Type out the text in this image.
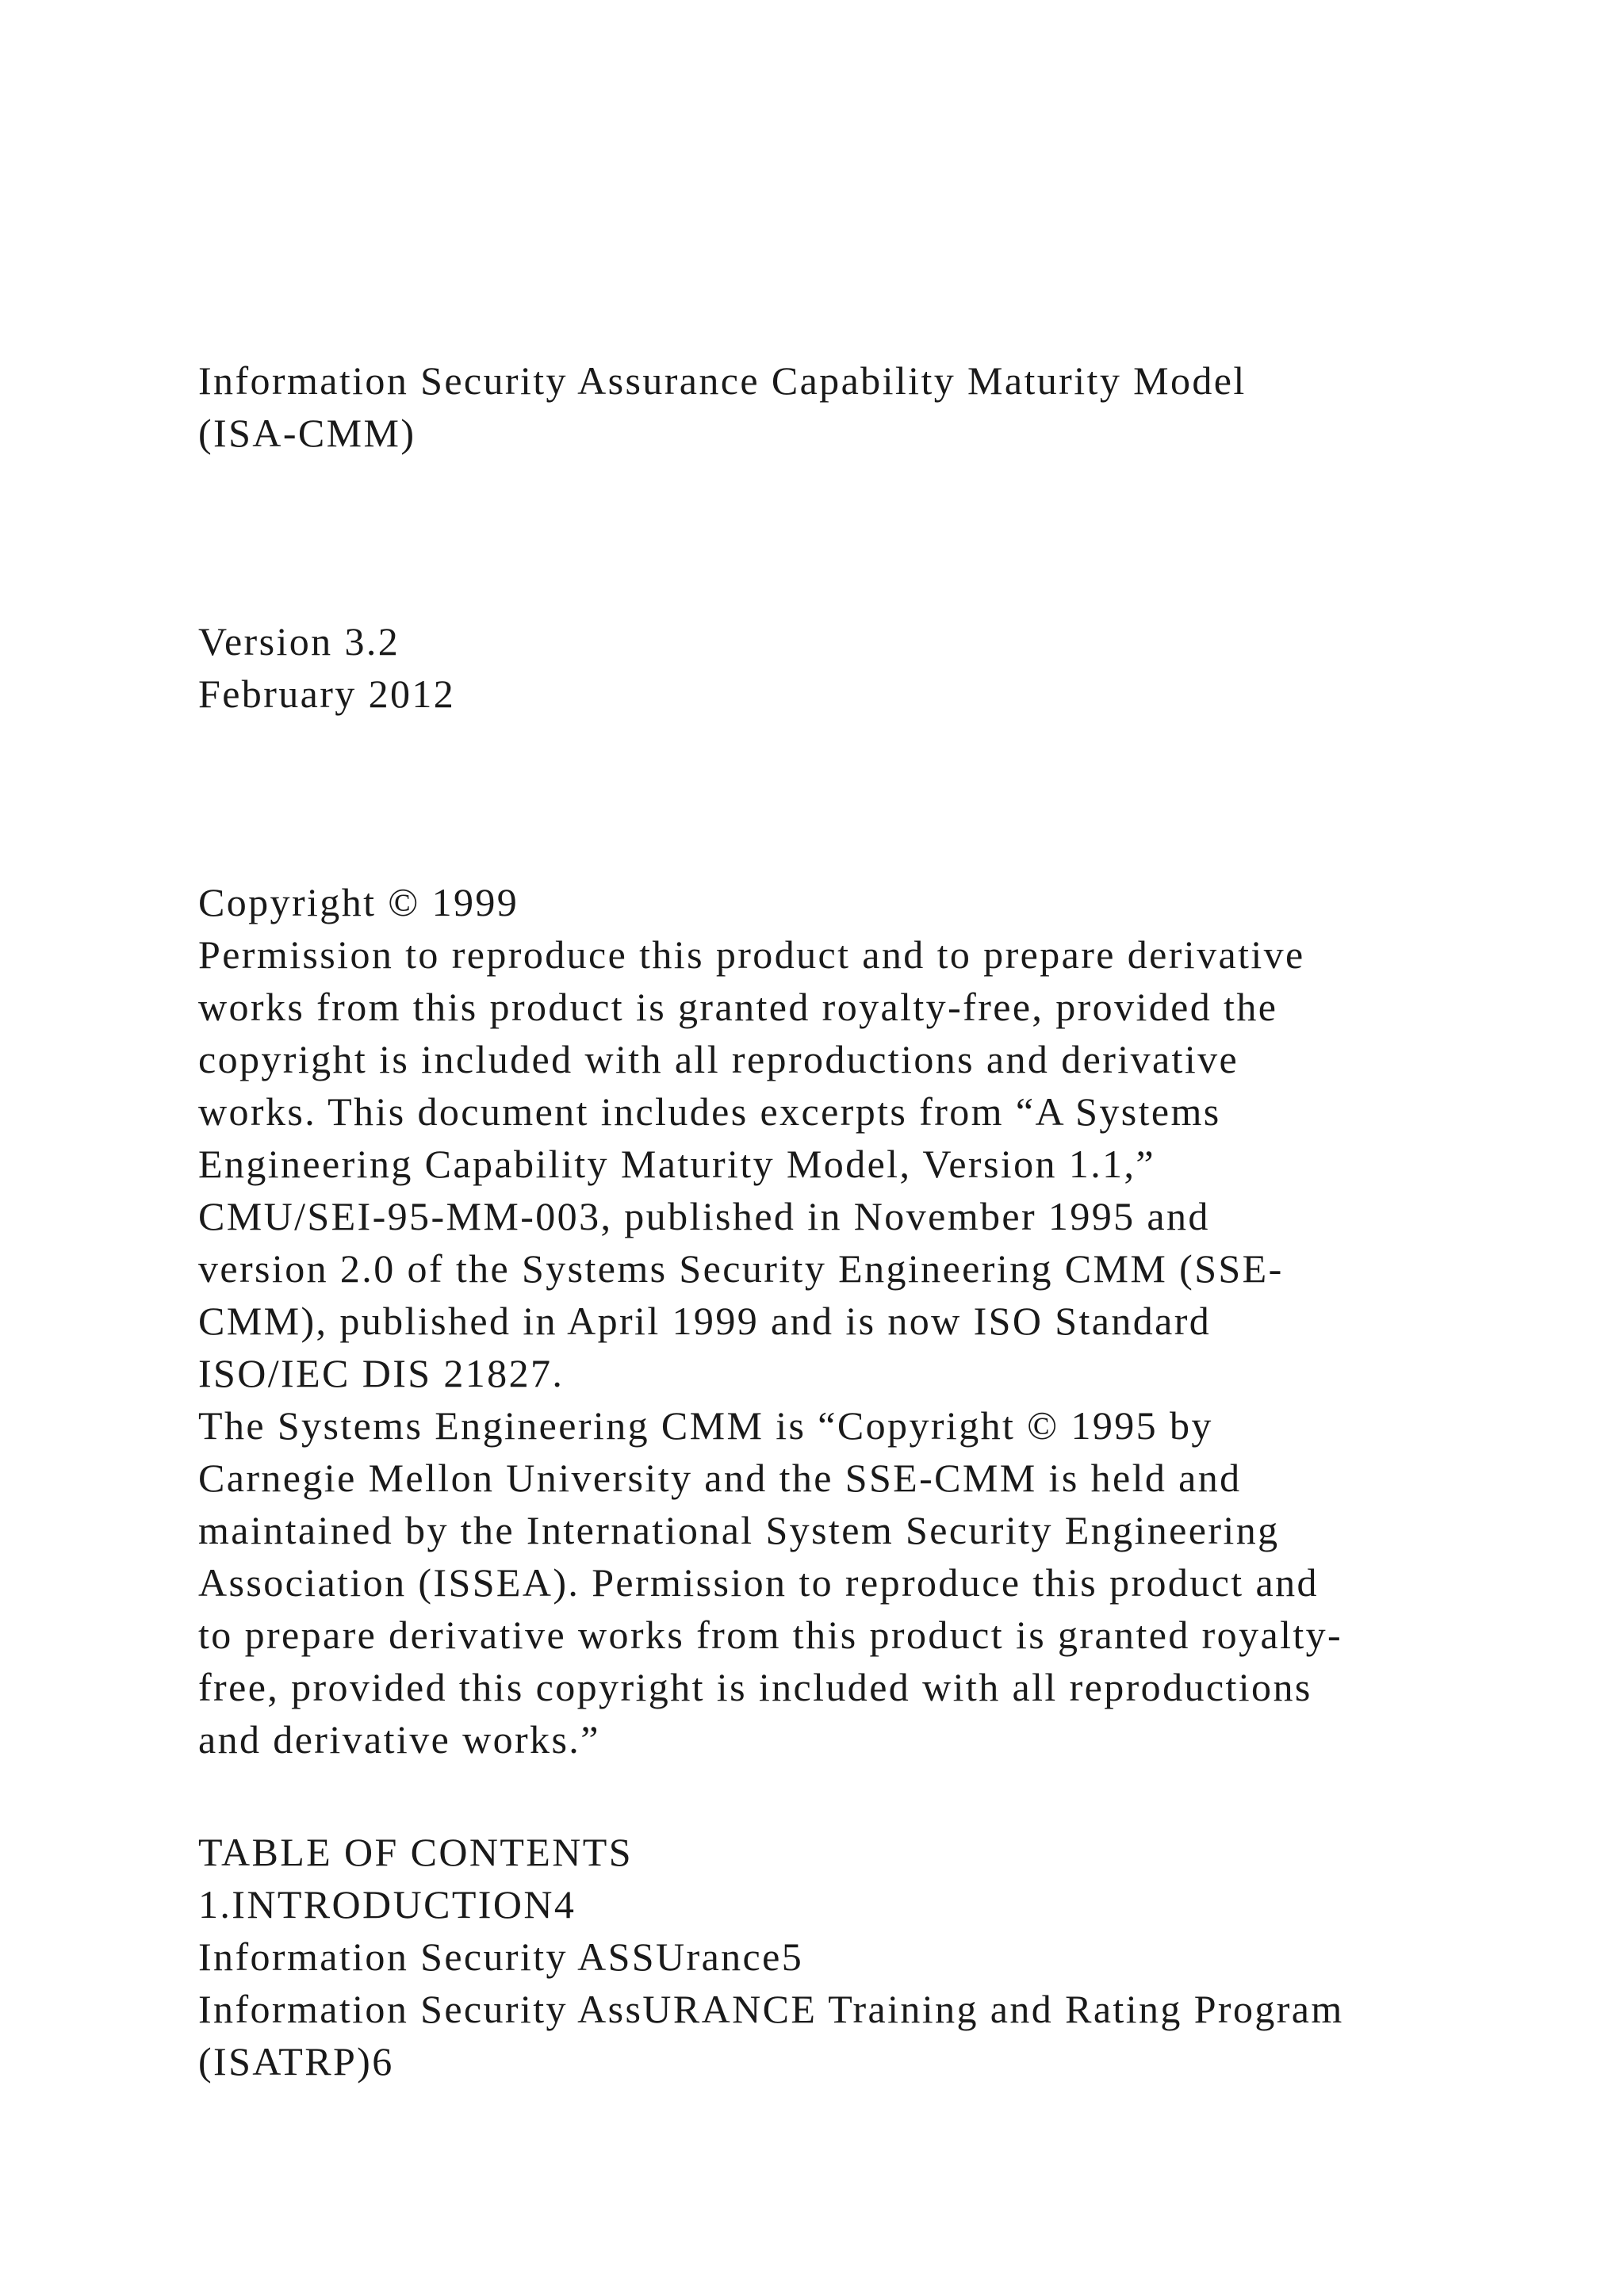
Information Security Assurance Capability Maturity Model
(ISA-CMM)
Version 3.2
February 2012
Copyright © 1999
Permission to reproduce this product and to prepare derivative
works from this product is granted royalty-free, provided the
copyright is included with all reproductions and derivative
works. This document includes excerpts from “A Systems
Engineering Capability Maturity Model, Version 1.1,”
CMU/SEI-95-MM-003, published in November 1995 and
version 2.0 of the Systems Security Engineering CMM (SSE-
CMM), published in April 1999 and is now ISO Standard
ISO/IEC DIS 21827.
The Systems Engineering CMM is “Copyright © 1995 by
Carnegie Mellon University and the SSE-CMM is held and
maintained by the International System Security Engineering
Association (ISSEA). Permission to reproduce this product and
to prepare derivative works from this product is granted royalty-
free, provided this copyright is included with all reproductions
and derivative works.”
TABLE OF CONTENTS
1.INTRODUCTION4
Information Security ASSUrance5
Information Security AssURANCE Training and Rating Program
(ISATRP)6
